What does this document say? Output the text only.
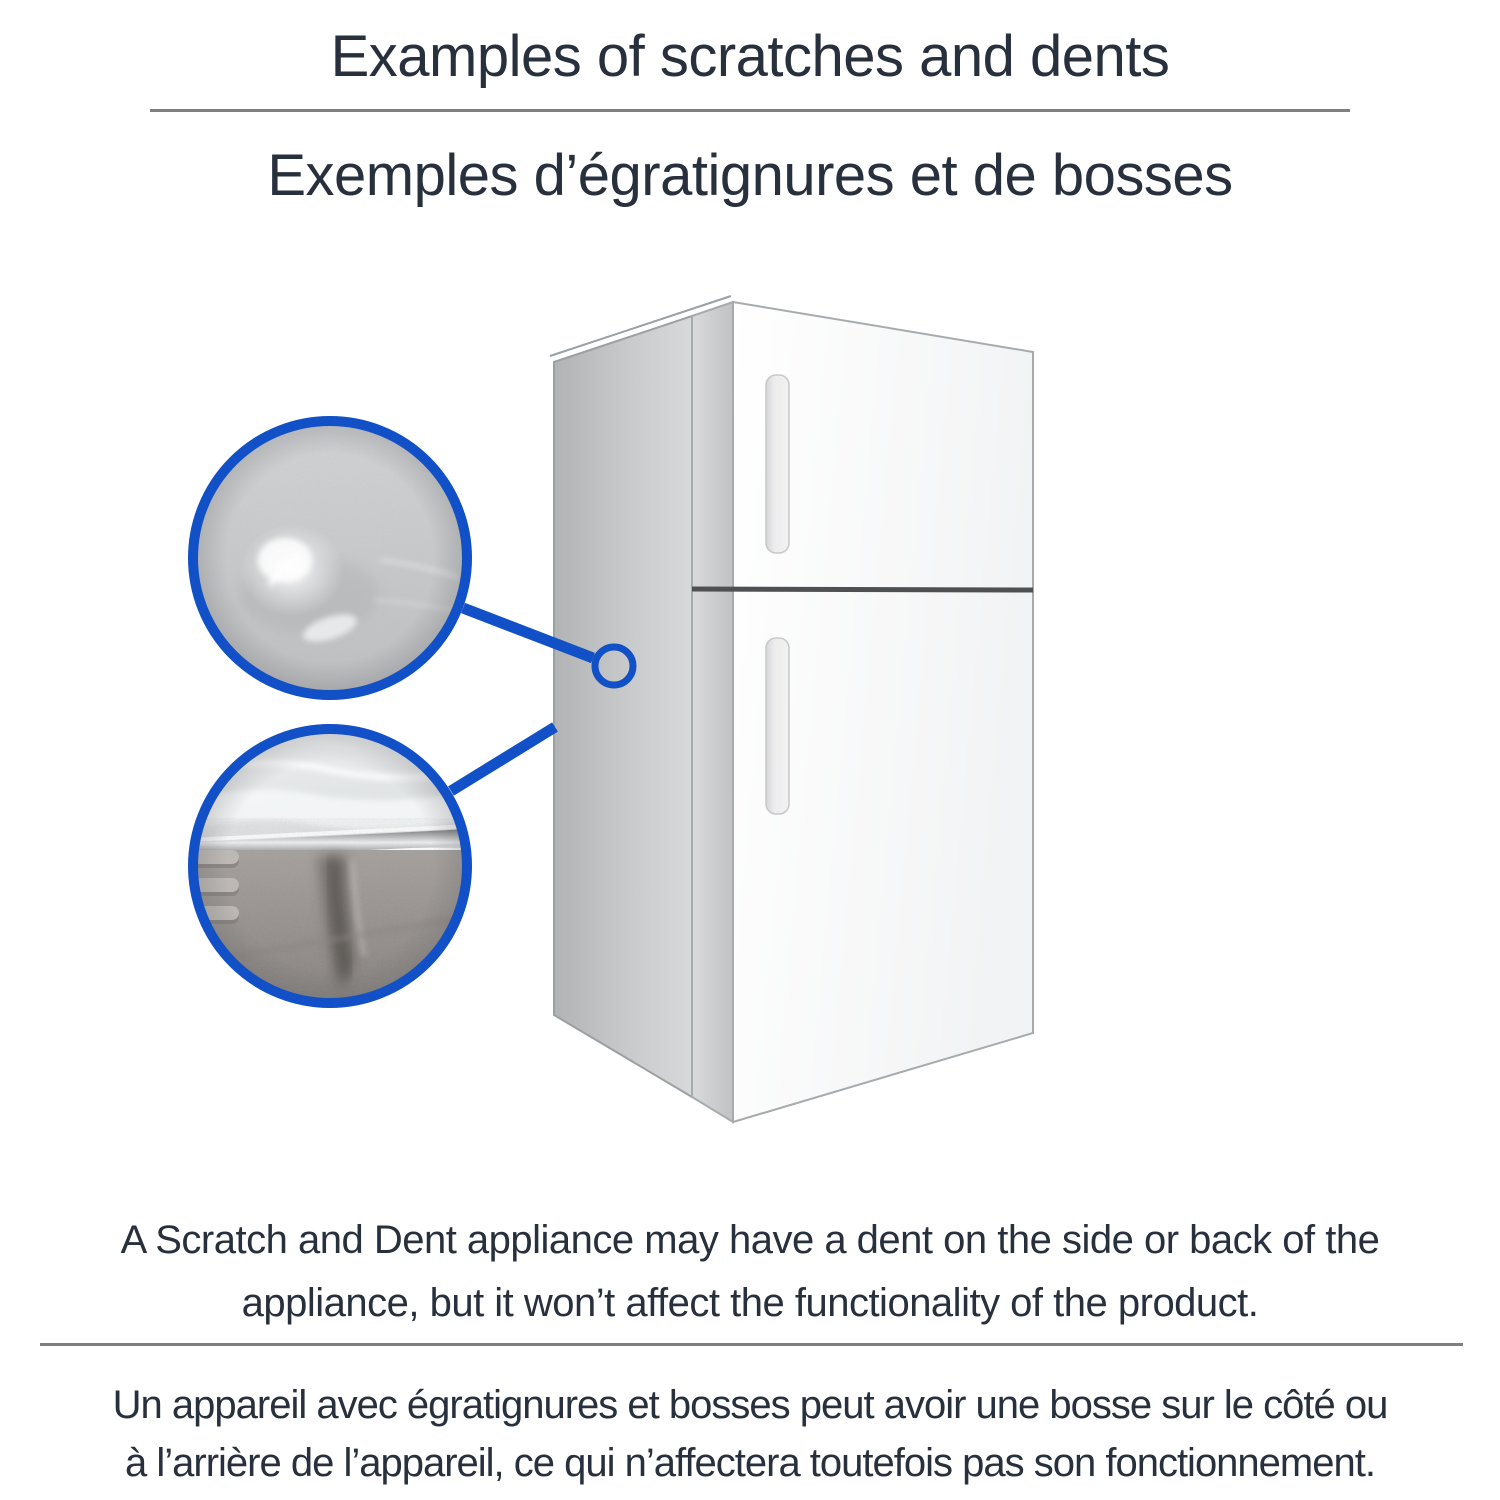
Examples of scratches and dents
Exemples d’égratignures et de bosses

A Scratch and Dent appliance may have a dent on the side or back of the
appliance, but it won’t affect the functionality of the product.

Un appareil avec égratignures et bosses peut avoir une bosse sur le côté ou
à l’arrière de l’appareil, ce qui n’affectera toutefois pas son fonctionnement.
